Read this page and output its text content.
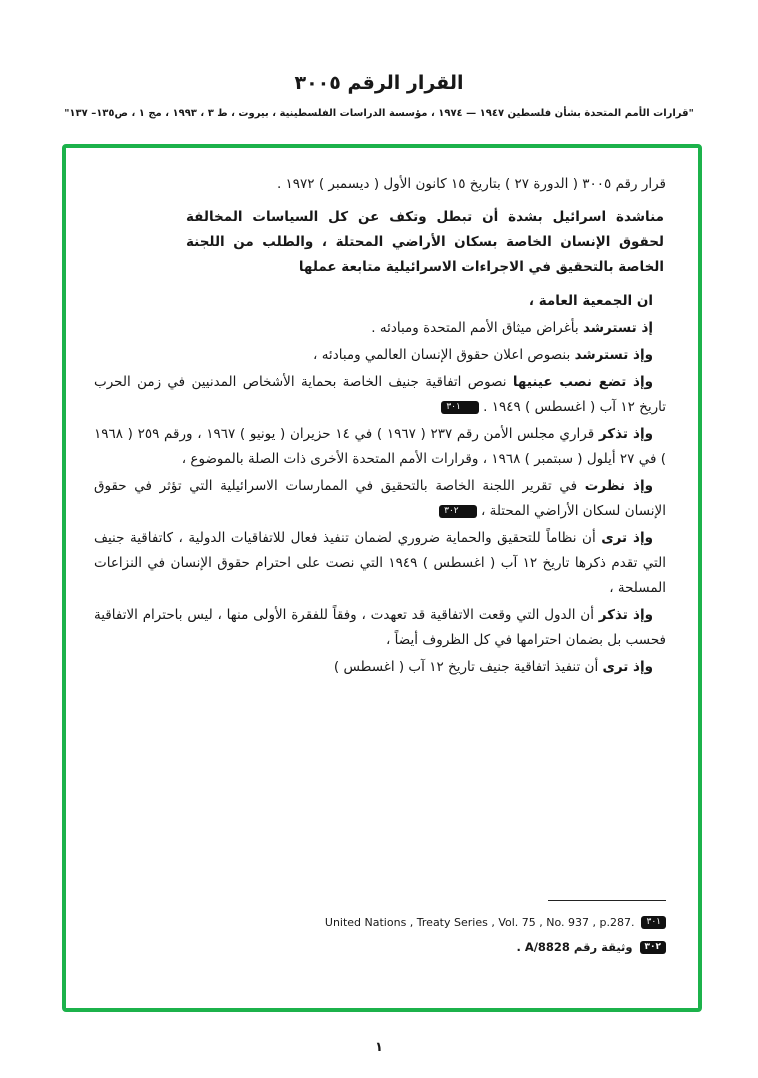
القرار الرقم ٣٠٠٥
"قرارات الأمم المتحدة بشأن فلسطين ١٩٤٧ — ١٩٧٤ ، مؤسسة الدراسات الفلسطينية ، بيروت ، ط ٣ ، ١٩٩٣ ، مج ١ ، ص١٣٥– ١٣٧"

قرار رقم ٣٠٠٥ ( الدورة ٢٧ ) بتاريخ ١٥ كانون الأول ( ديسمبر ) ١٩٧٢ .

مناشدة اسرائيل بشدة أن تبطل وتكف عن كل السياسات المخالفة لحقوق الإنسان الخاصة بسكان الأراضي المحتلة ، والطلب من اللجنة الخاصة بالتحقيق في الاجراءات الاسرائيلية متابعة عملها

ان الجمعية العامة ،

إذ تسترشد بأغراض ميثاق الأمم المتحدة ومبادئه .

وإذ تسترشد بنصوص اعلان حقوق الإنسان العالمي ومبادئه ،

وإذ تضع نصب عينيها نصوص اتفاقية جنيف الخاصة بحماية الأشخاص المدنيين في زمن الحرب تاريخ ١٢ آب ( اغسطس ) ١٩٤٩ . ٣٠١

وإذ تذكر قراري مجلس الأمن رقم ٢٣٧ ( ١٩٦٧ ) في ١٤ حزيران ( يونيو ) ١٩٦٧ ، ورقم ٢٥٩ ( ١٩٦٨ ) في ٢٧ أيلول ( سبتمبر ) ١٩٦٨ ، وقرارات الأمم المتحدة الأخرى ذات الصلة بالموضوع ،

وإذ نظرت في تقرير اللجنة الخاصة بالتحقيق في الممارسات الاسرائيلية التي تؤثر في حقوق الإنسان لسكان الأراضي المحتلة ، ٣٠٢

وإذ ترى أن نظاماً للتحقيق والحماية ضروري لضمان تنفيذ فعال للاتفاقيات الدولية ، كاتفاقية جنيف التي تقدم ذكرها تاريخ ١٢ آب ( اغسطس ) ١٩٤٩ التي نصت على احترام حقوق الإنسان في النزاعات المسلحة ،

وإذ تذكر أن الدول التي وقعت الاتفاقية قد تعهدت ، وفقاً للفقرة الأولى منها ، ليس باحترام الاتفاقية فحسب بل بضمان احترامها في كل الظروف أيضاً ،

وإذ ترى أن تنفيذ اتفاقية جنيف تاريخ ١٢ آب ( اغسطس )

٣٠١United Nations , Treaty Series , Vol. 75 , No. 937 , p.287.
٣٠٢وثيقة رقم A/8828 .
١
